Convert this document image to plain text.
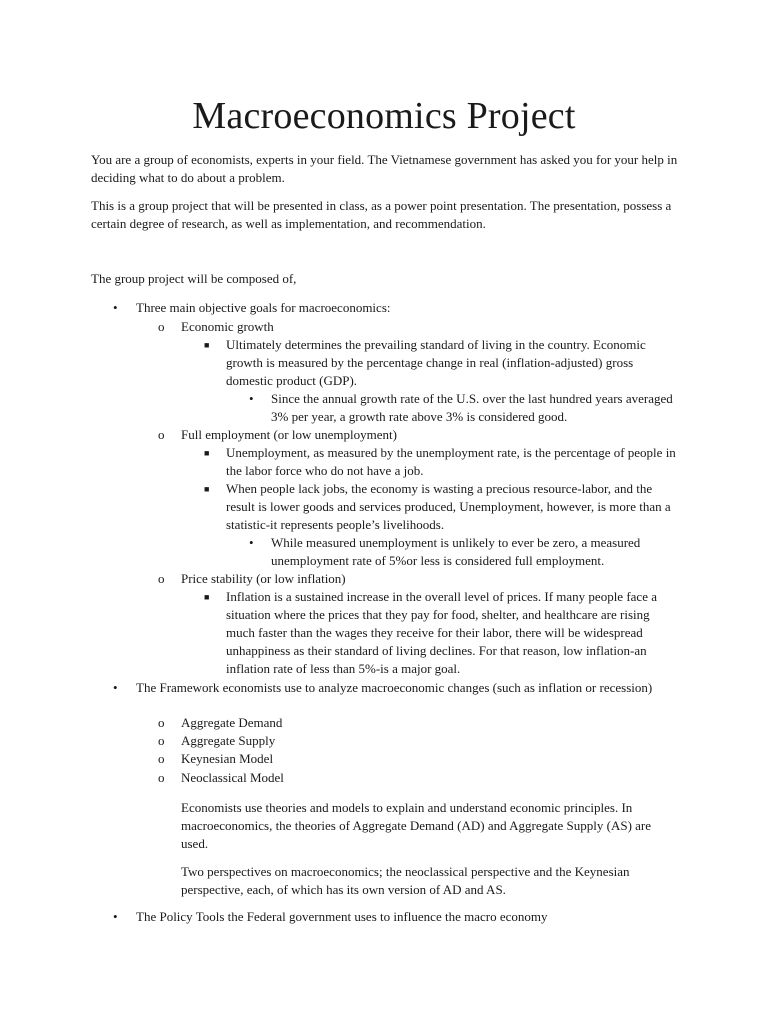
Macroeconomics Project

You are a group of economists, experts in your field. The Vietnamese government has asked you for your help in deciding what to do about a problem.

This is a group project that will be presented in class, as a power point presentation. The presentation, possess a certain degree of research, as well as implementation, and recommendation.

The group project will be composed of,

• Three main objective goals for macroeconomics:
o Economic growth
■ Ultimately determines the prevailing standard of living in the country. Economic growth is measured by the percentage change in real (inflation-adjusted) gross domestic product (GDP).
• Since the annual growth rate of the U.S. over the last hundred years averaged 3% per year, a growth rate above 3% is considered good.
o Full employment (or low unemployment)
■ Unemployment, as measured by the unemployment rate, is the percentage of people in the labor force who do not have a job.
■ When people lack jobs, the economy is wasting a precious resource-labor, and the result is lower goods and services produced, Unemployment, however, is more than a statistic-it represents people’s livelihoods.
• While measured unemployment is unlikely to ever be zero, a measured unemployment rate of 5%or less is considered full employment.
o Price stability (or low inflation)
■ Inflation is a sustained increase in the overall level of prices. If many people face a situation where the prices that they pay for food, shelter, and healthcare are rising much faster than the wages they receive for their labor, there will be widespread unhappiness as their standard of living declines. For that reason, low inflation-an inflation rate of less than 5%-is a major goal.
• The Framework economists use to analyze macroeconomic changes (such as inflation or recession)
o Aggregate Demand
o Aggregate Supply
o Keynesian Model
o Neoclassical Model

Economists use theories and models to explain and understand economic principles. In macroeconomics, the theories of Aggregate Demand (AD) and Aggregate Supply (AS) are used.

Two perspectives on macroeconomics; the neoclassical perspective and the Keynesian perspective, each, of which has its own version of AD and AS.

• The Policy Tools the Federal government uses to influence the macro economy
